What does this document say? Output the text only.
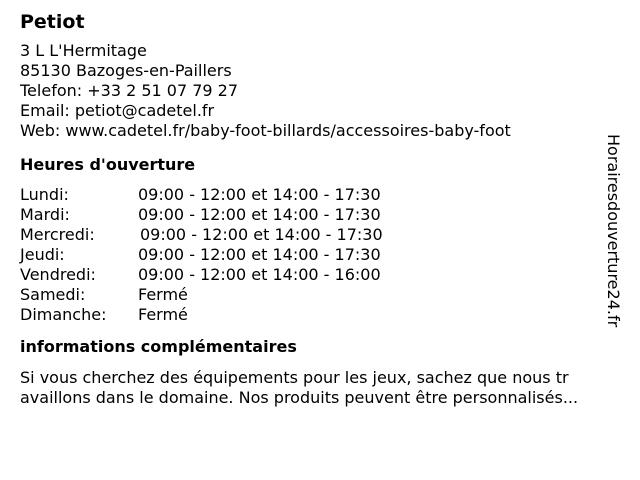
Petiot
3 L L'Hermitage
85130 Bazoges-en-Paillers
Telefon: +33 2 51 07 79 27
Email: petiot@cadetel.fr
Web: www.cadetel.fr/baby-foot-billards/accessoires-baby-foot
Heures d'ouverture
Lundi:	09:00 - 12:00 et 14:00 - 17:30
Mardi:	09:00 - 12:00 et 14:00 - 17:30
Mercredi:	09:00 - 12:00 et 14:00 - 17:30
Jeudi:	09:00 - 12:00 et 14:00 - 17:30
Vendredi:	09:00 - 12:00 et 14:00 - 16:00
Samedi:	Fermé
Dimanche:	Fermé
informations complémentaires
Si vous cherchez des équipements pour les jeux, sachez que nous tr
availlons dans le domaine. Nos produits peuvent être personnalisés...
Horairesdouverture24.fr
